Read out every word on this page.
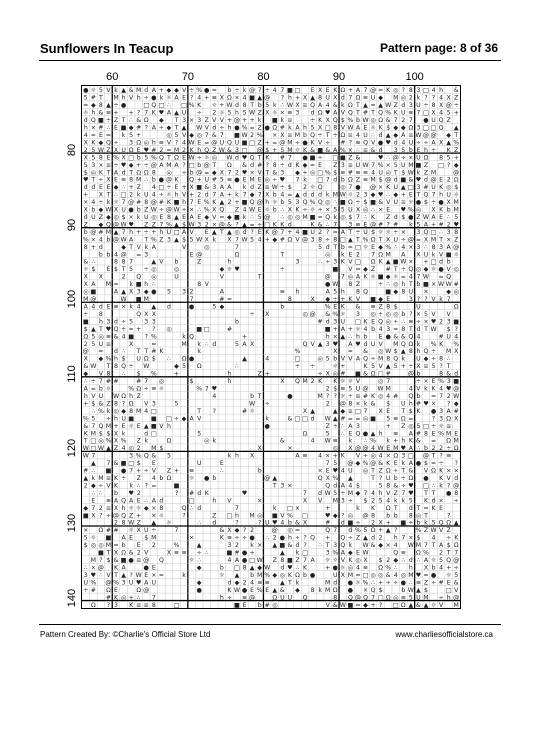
Sunflowers In Teacup	Pattern page: 8 of 36
60	70	80	90	100
80
90
100
110
120
130
140
● ☼ 5 V k ▲ & M d A + ◆ ◆ V ÷ % ● = b ÷ k @ 7 ÷ 4 7 ■ □ E X E K Ω + A 7 @ = K ◎ ? 8 3 □ 4 h &
5 # T M h V h ÷ ● k ☼ A E ? 4 + ≡ X Ω × 4 ■ ▲ @ ? h + X ▲ 8 U X d 7 Ω ≡ U ◆ M ◎ 2 k ? ? 4 X Z
= ◆ 8 ▲ ÷ ●	□ Q □ ∴ □ % K ☼ + W d 8 T b 5 k ∴ W X ≡ Q A 4 & k Ω T ▲ = ▲ W Z d 3 U ÷ 8 X @ ÷
☼ h & ≡ + + ? 7 K ♥ A ▲ U ÷ 2 ☼ 5 h 5 W Z X ☼ × ≡ 3 d Ω ♥ A V Q T # T Q % K U ≡ 7 □ X 4 5 +
d Q ■ ÷ Z T ∴ & Ω ◆ T 3 × 3 Z V V + @ + + k ■ k ≡	÷ K X Q $ % b W ◎ Ω & 7 2 7 ● U Q Z
h × # ∴ E ■ ◆ # ? A ÷ ◆ T ▲ W V d ÷ h ● % = Z ● Ω # k A h 5 X □ 8 V W A E ☼ K $ ◆ ◆ Ω 3 □ □ Q ▲
4 = E = k 5 +	◎ 5 V ◆ ◎ 7 & 7 ■ W 2 % × X ≡ M b Q ÷ T ÷ Ω ≡ 4 U ∴ d ▲ ◆ A ≡ W @ @ ◆ T
X K ◆ Q ÷ 3 Ω ◎ h ≡ V ? 4 W E = @ U Q U ■ □ Z + = @ M ÷ ● K V ÷ # ? ≡ Q V ● ♥ d 4 U ÷ ÷ A X ▲ %
2 5 W Z X U Ω E ♥ # 2 = M 2 K h Q Z W & 3 □ @ $ + 5 M ☼ K & ■ & A % × ∴ ≡ & d 3 5 b E h ÷ K Z
X 5 8 E % X □ b 5 % Q T Ω E W ÷ ☼ ◎ W d ♥ Q T K # 7 ● ■ ÷ □ ■ Z &	♥ ∴ @ ÷ × U Ω 8 5 +
5 3 × ≡ ÷ ♥ ◆ + ÷ @ A M A ? □ b @ T Ω & d # ? 8 ÷ d K ◆ = E Z 3 ≡ U W 7 % × 5 U M ■ Z □ ? ◆
$ ◎ K T A d T Ω Ω 8 ◎ ÷ b @ = ◆ X 7 2 ♥ × V T & 3 ◆ + ◎ □ % $ ≡ # ≡ ≡ 4 U ◎ T $ W k Z M	@
♥ T ÷ X E ≡ 8 M ∴ b ● @ K Q + U # 5 ≡ ● E M E ◎ ÷ ♥ 7 k □ 7 d b Ω Z ≡ M $ @ d ■ & ♥ d @ E 2 Ω
d d E E ◆ ∴ + Z 4 □ ÷ E + X ■ & 3 A A k d Z ≡ W ÷ $ 2 ☼ Q	◎ 7 ● @ × K U ▲ □ 3 # U K ◎ $
+ X T ∴ □ 2 k U 4 ÷ ☼ h V + 2 d 7 A + k 7 ◆ 7 X b 4 = ▲ d d d k M W ☼ 2 3 ◆ ♥ ∴ ◆ + E T Q 7 h U ☼
× 4 ÷ k ☼ 7 @ # 8 @ # K ■ h 7 E % K ▲ 2 + ■ Q @ h ☼ b 5 3 Q % Q ◎ ∴ ■ Ω ÷ $ ■ & V U ≡ ☼ ● $ ÷ ● X M
X b ◆ W X U ● b Z W ÷ @ W ÷ × ∴ % X Q Z 4 W E ☼ b ∴ X K ÷ ☼ + × 5 5 U X ◎ ∴ × E ♥ % ◎ X K b M
d U Z ◆ ◎ $ × k U ◎ E 8 ▲ E A E ◆ V = ◆ ■ k ∴ 5 @ ∴ ◎ ◎ M ■ = Q k ◎ $ 7 ∴ K Z d $ ● Z W A E ∴ 5
Z ◆ Q @ W ♥ Z Z 7 % ▲ $ W 3 2 × @ & ? ▲ = ÷ □ K K d	K & ∴ 7 3 ≡ E @ # ? # k 5 A + # 2 ♥
b @ # M ▲ 7 h + ÷ + h U □ A V E ▲ T ▲ ◎ d ? E K @ 7 + 4 ■ U 2 ? = A T ÷ U $ ☼ ☼ ÷ × 3 Q □ ∴ 3 8
% × 4 b @ W A T % Z 3 ▲ $ 5 W X k X 7 W 5 4 + ◆ # Ω V @ 3 8 ÷ 8 □ ▲ T % Ω T X U ÷ @ = X M T × Z
8 + d	◆ T V k A	V	◎	7	5 d T b = □ ☼ E ◆ % ∴ 4 × 3 ∴ 8 3 A @
b b 4 @ = 3	E @	Ω	T	◎ k E 2 7 Ω M A X U k V ■ ☼
& ∴	8 8 7	▲ V b	Z	h	3	∴ ÷ 3 K V □ Ω K ▲ ■ W × + □ d b
☼ $ E $ T 5 ÷ ◎	◎	◆ ☼ ♥	÷	■ V = ◆ Z # T ÷ Q ◎ ◆ ☼ ● V ◎
X X	2 Q ◎	U	V	T	@ 7 ◎ A K ☼ ■ ◆ ☼ = 4 7 W = Q
X A M = k ■ h ∴	8 V	● W 8 Z	÷ ∴ ◎ h T b ■ × W W #
◎ ■	A ▲ X 3 ◆ ● 5 3 2	A	≡ h	A 5 h 8 Q	■ ◆ 8 U ×	◆ ◎
M @	W ■ M	7	# =	8	X ◆ ÷ + K V ■ ◆ E	3 ? ? V k 7
A 4 d E ≡ × k 4 ▲ d	●	5 ◆	b	% E K & ≡ Z 8 $	U	Ω
÷ 8	Q X X	÷ X	◎ @ & % ☼ 3 ◎ ÷ ◎ ◎ b ? × 5 V V
■ h 3 d ÷ 5 3 3	b	# d 3 U □ K E Q ◎ ÷ ∴ ≡ ÷ × ♥ 2 3 ■
$ ▲ T ♥ Q ÷ = + ? ◎	■ □	#	■ + A + ☼ 4 b 4 3 = 8 T d T W $ ?
Ω 5 ◎ ≡ & 4 ■ ? %	k Q	+	h × ▲ ∴ h b E ● & & Q 4	# U 4
2 5 U ≡	X	=	M k ∴ d	5 A X	Q V ▲ 3 ♥ A ♥ d U V M Q Ω k % K %
@ = d ∴ T T # K	k	%	X = & ◎ W $ ▲ 8 h Q ÷ M X
X ◆ % h $ U Ω $ ∴ Ω ●	▲	4	□	◎ 5 b V V A Q ÷ M 8 Q k U ◆ ÷ 8 ∴
& W T 8 Q ÷ W	◆ 5 Ω	∴	÷ ÷	☼ +	K 5 V ▲ 5 + ÷ X ≡ 5 ? T
◆ V 8 ∴ $ %	+	h	Z +	÷ X ◎ # ■ & Ω □ #	@ b	8 & d
∴ ÷ 7 # #	# 7 ◎	$	h	X Q M 2 K K ☼ ☼ V	◎ 7	÷ × E % 3 ■
A = b ☼	% Ω ÷ ≡ ☼	% 7 ♥	2 $ ≡ 5 U @ W M	4 V k K 4 ♥ @
h V U W Ω h Z	4	b T	●	M ? ? ☼ ÷ ≡ # K ◎ 4 # Q b = 7 2 W
+ $ & Z 8 ? Ω V 3	5	W ÷	2 @ 8 × k & $ U h # ♥ × ? ◆
∴ % k ◎ ◆ 8 M 4 □	T ?	# ☼	X ▲	▲ ◆ ≡ □ 7 X E T $ K ● 3 A #
% 5 ÷ h U ■	■ □ ÷ ◆ A V	k	& □ □ d W ▲ # = = ◎ ■ 5 ≡ Ω =	? 3 Ω X
& 7 Q M + E ☼ E ▲ ■ V h	●	Z ÷ ∴ A 3	+ Z ◎ 5 □ ÷ ☼ ≡
K M $ $ X k	d □	5	Ω	5 ∴ E Q ● ▲ h ≡ A # 8 E % M E
T □ ◎ % X % Z k	Ω	◎ k	&	4 W ≡ k ∴ % k + h K & = Ω M
W □ W ▲ Z 4 ◎ 2 M $	X	×	◎ X @ @ 4 W E M ♥ A ∴ b 2 2 ÷ Ω
W 7	3 % Q & 5	k h X	A ≡ 4 × + K V ÷ ◎ 4 × Ω 3 □ @ T ? ≡
▲ 7 & ■ □ $ E	U	E	7 5 @ ◆ % @ & K E k A ● $ = ÷ ?
# ∴ ■ ● 7 + ÷ V Z + ≡	∴	b	× E ♥ 4 U ◎ T Z Ω ÷ T & V Ω K × ×
▲ k M ≡ K ÷ Z 4 b Ω	☼ ● b	@ ▲	Q X % ▲	T ? U b ÷ Ω ● K V d
2 ◆ ÷ V K k ∴ ? =	■	T 3 ×	Q d A 4 $	5 8 & ÷ ♥ □ ∴ k ? @
∴ ∴ b ♥ 2	? # d K	♥	7 d W 5 ÷ M ◆ 7 4 h V Z 7 ♥ T T ● 8
E ≡ A Q A E ∴ A d	□	h V	×	X V M 3 ÷ $ 2 5 4 k k 5 K d × ÷
◆ 7 2 ≡ X h ☼ ☼ ◆ × 8	Q ∴ d	7	k □ ×	+	k K Ω T d T = K E
■ X ? ÷ @ Q Z + × ☼	?	Z □ h M ◎ ■ V % □	♥ ◆ ? ◎ @ 8 b b 8 ◎ T	?
2 8 W Z ▲ ☼	∴ d	?	? U ♥ 4 b & X	# d ■ ÷ 2 X + ■ ÷ b k 5 Q Ω ▲
× Ω # # ☼ X U ÷	7	& X ◆ ? 2	@ ◎ =	Q 7 d % 5 Ω + ▲ ?	% Z W V Z
5 ☼ ■ A E $ M	×	K ≡ ÷ ÷ ● ∴ 2 ● h ÷ ? Q + Q ÷ Z ▲ d 2 h 7 × $ 4 ÷ K
$ ◎ ◎ M = b E 2	%	▲	3 2 k × ▲ ■ & d ? ∴ T 3 Q k W & ◆ × 4 W M 7 T A $ Ω
■ T X Ω & 2 V	X ≡ ≡ ÷ ∴	■ # ● +	▲ k □	3 % A ◆ E W	Q ≡ Ω % 2 T 7
M ? $ & ■ ● ≡ @ Q	☼ ∴	4 A ● □ W Z 8 ■ Z 7 A ☼ ☼ V K ◎ X $ 2 ◆ ∴ d ∴ A ☼ 5 Q @
∴ × @ K A	● E	◆	b □ 8 ▲ ◆ W d ♥ ∴ K	+ ● ☼ ◎ 4 ≡ Ω % ∴ h X b 4 + ÷
3 ♥ ∴ V T ▲ ? W E × =	k	☼ ▲ b M % ◆ ◎ K Ω b ●	U X M = □ ◎ ◎ & 4 ◎ M ♥ = ● ☼ 5
U % @ % 3 U ♥ A U	◆	d ◆ 2 4 ≡ ≡ ▲ T k	M d ● ☼ % ∴ + ÷ ÷ ● ∴ ≡ Z ÷ # E &
÷ # Ω E	Ω @	●	K W ● E % E ▲ & ◆ 8 k M Ω ● × Q $	b W ▲ $	□ V
# K ◎ + ∴ 7	h ÷ ≡ @	Ω U U Q	8 Q @ Q 7 □ Ω ◎ ≡ 5 U M ÷ h @
Ω ? 3 K ≡ ≡ 8	□	■ E b # ◎	V & W ■ = ◆ + ? □ Ω ▲ & ▲ ☼ V M
Pattern Created By: ©Charlie's Official Store Ltd	www.charliesofficialstore.ca
